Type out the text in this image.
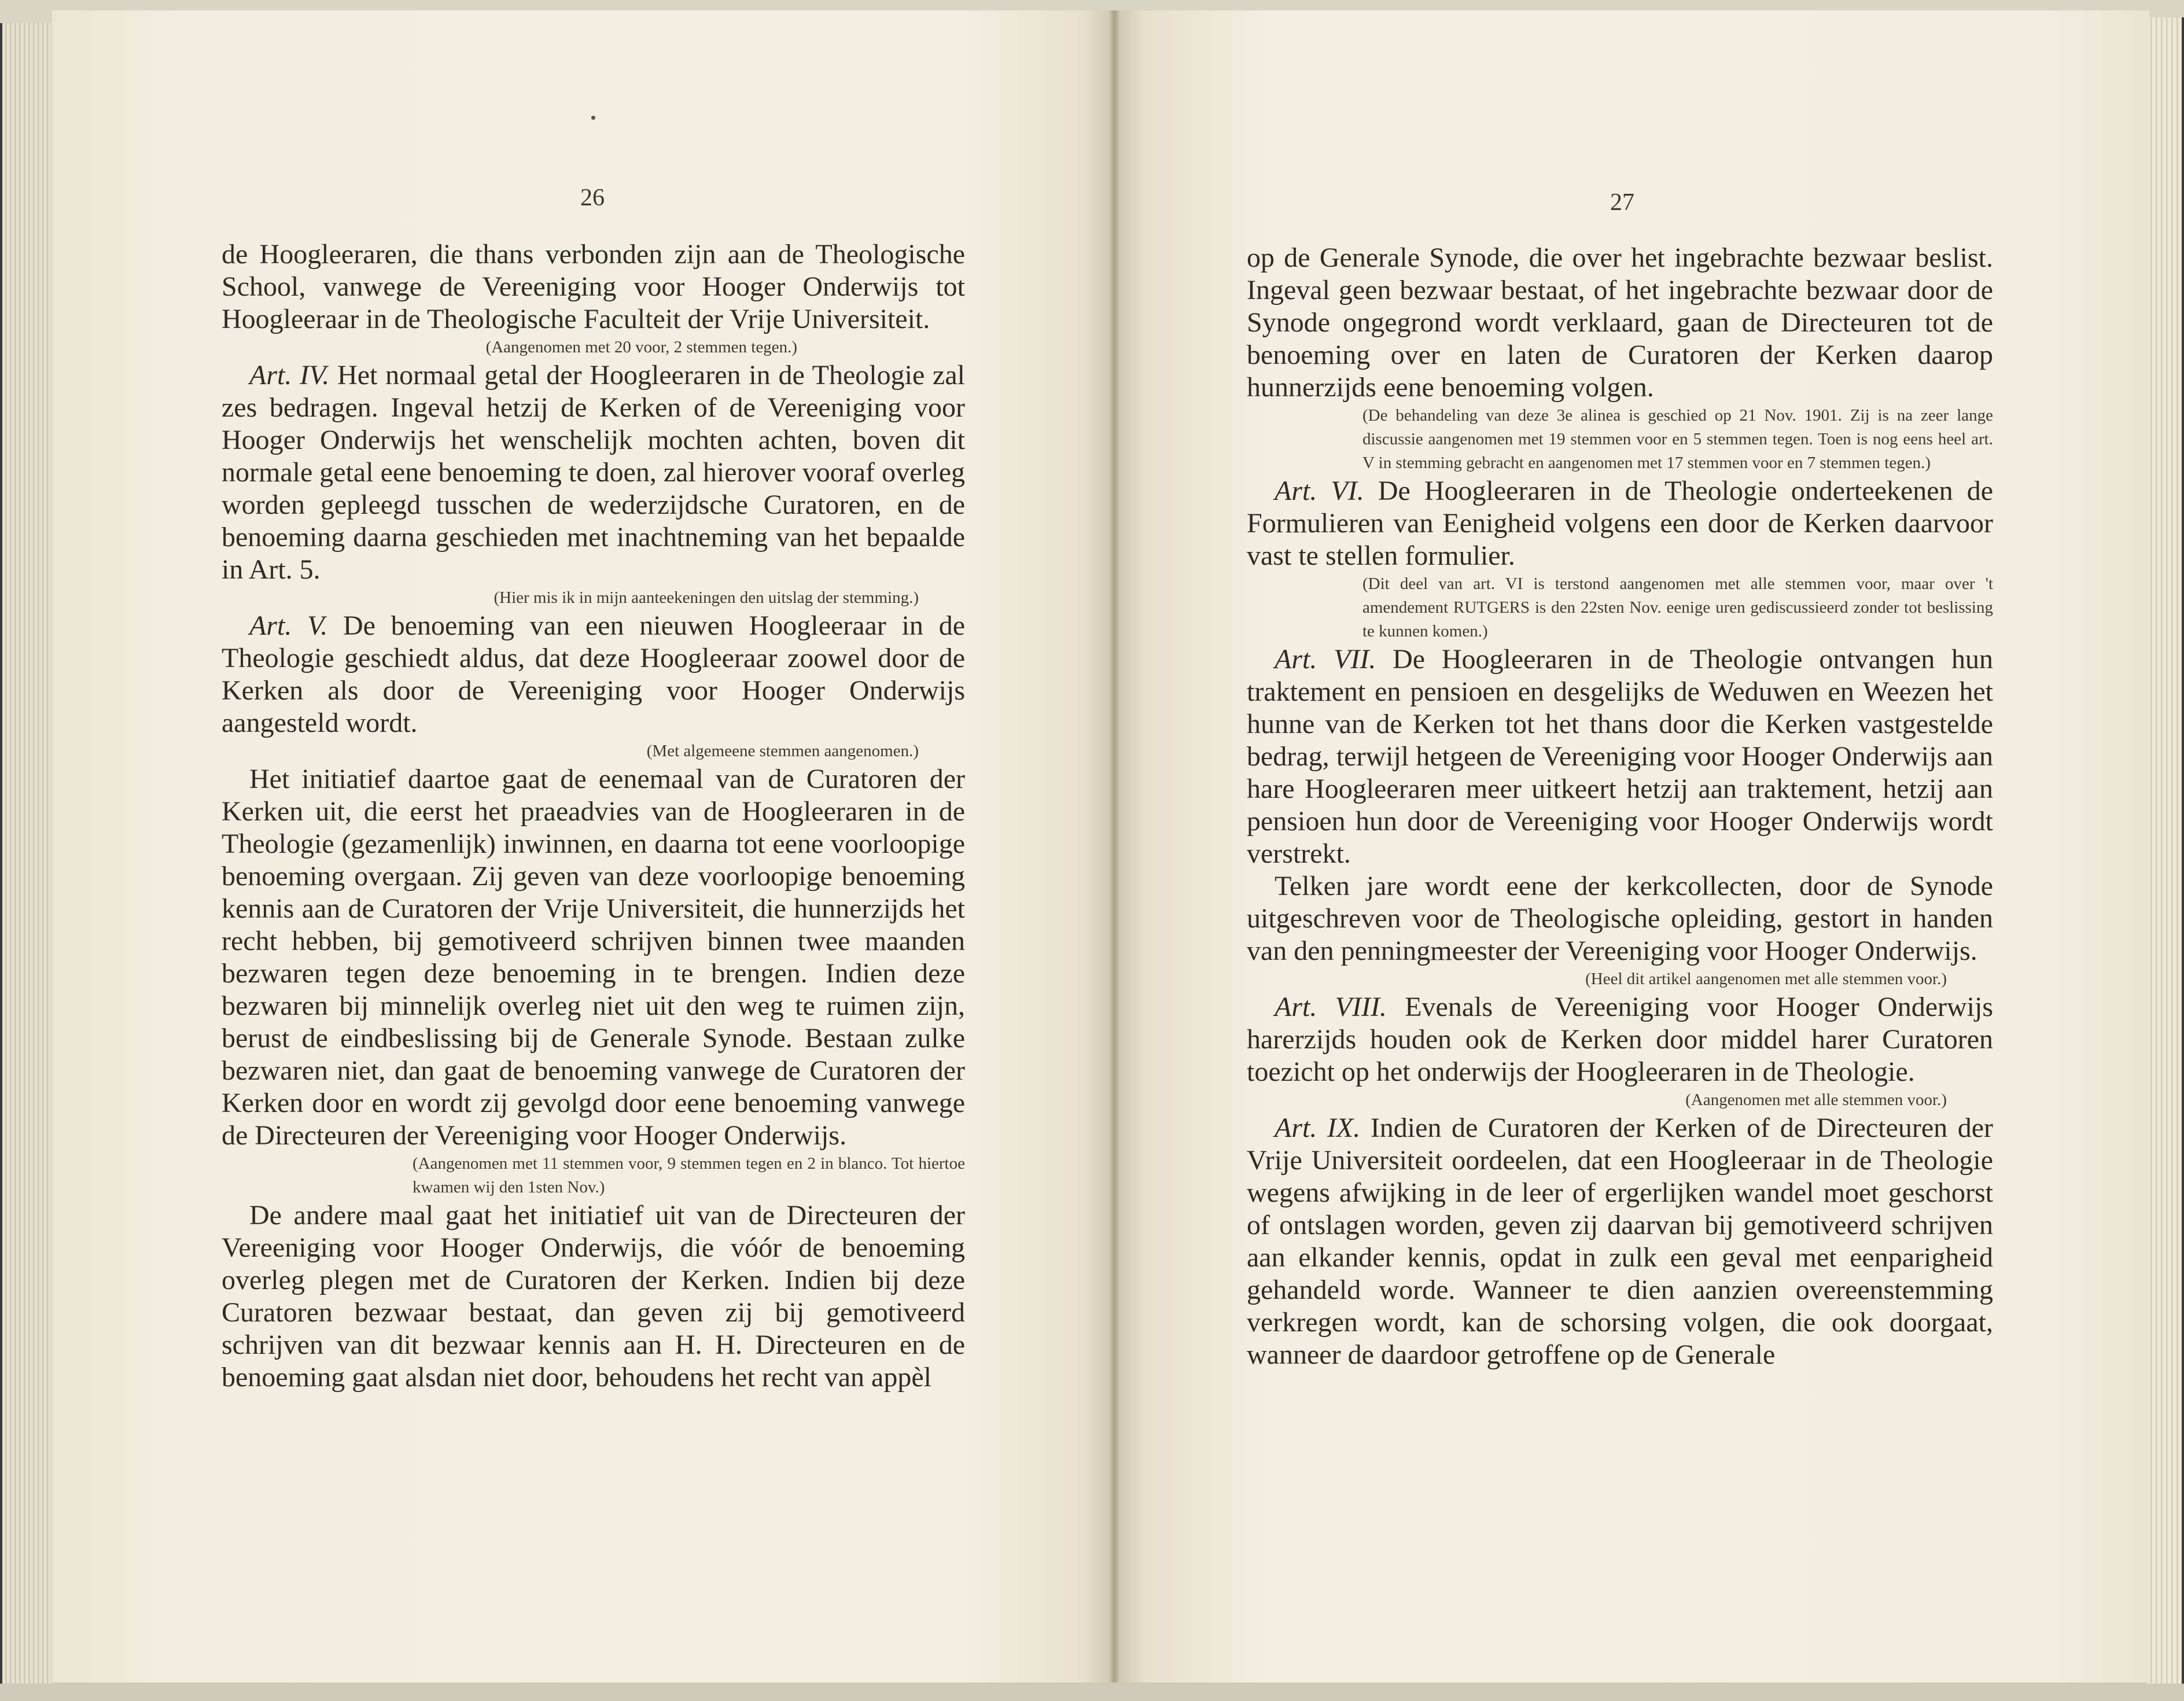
26

de Hoogleeraren, die thans verbonden zijn aan de Theologische School, vanwege de Vereeniging voor Hooger Onderwijs tot Hoogleeraar in de Theologische Faculteit der Vrije Universiteit.

(Aangenomen met 20 voor, 2 stemmen tegen.)

Art. IV. Het normaal getal der Hoogleeraren in de Theologie zal zes bedragen. Ingeval hetzij de Kerken of de Vereeniging voor Hooger Onderwijs het wenschelijk mochten achten, boven dit normale getal eene benoeming te doen, zal hierover vooraf overleg worden gepleegd tusschen de wederzijdsche Curatoren, en de benoeming daarna geschieden met inachtneming van het bepaalde in Art. 5.

(Hier mis ik in mijn aanteekeningen den uitslag der stemming.)

Art. V. De benoeming van een nieuwen Hoogleeraar in de Theologie geschiedt aldus, dat deze Hoogleeraar zoowel door de Kerken als door de Vereeniging voor Hooger Onderwijs aangesteld wordt.

(Met algemeene stemmen aangenomen.)

Het initiatief daartoe gaat de eenemaal van de Curatoren der Kerken uit, die eerst het praeadvies van de Hoogleeraren in de Theologie (gezamenlijk) inwinnen, en daarna tot eene voorloopige benoeming overgaan. Zij geven van deze voorloopige benoeming kennis aan de Curatoren der Vrije Universiteit, die hunnerzijds het recht hebben, bij gemotiveerd schrijven binnen twee maanden bezwaren tegen deze benoeming in te brengen. Indien deze bezwaren bij minnelijk overleg niet uit den weg te ruimen zijn, berust de eindbeslissing bij de Generale Synode. Bestaan zulke bezwaren niet, dan gaat de benoeming vanwege de Curatoren der Kerken door en wordt zij gevolgd door eene benoeming vanwege de Directeuren der Vereeniging voor Hooger Onderwijs.

(Aangenomen met 11 stemmen voor, 9 stemmen tegen en 2 in blanco. Tot hiertoe kwamen wij den 1sten Nov.)

De andere maal gaat het initiatief uit van de Directeuren der Vereeniging voor Hooger Onderwijs, die vóór de benoeming overleg plegen met de Curatoren der Kerken. Indien bij deze Curatoren bezwaar bestaat, dan geven zij bij gemotiveerd schrijven van dit bezwaar kennis aan H. H. Directeuren en de benoeming gaat alsdan niet door, behoudens het recht van appèl

27

op de Generale Synode, die over het ingebrachte bezwaar beslist. Ingeval geen bezwaar bestaat, of het ingebrachte bezwaar door de Synode ongegrond wordt verklaard, gaan de Directeuren tot de benoeming over en laten de Curatoren der Kerken daarop hunnerzijds eene benoeming volgen.

(De behandeling van deze 3e alinea is geschied op 21 Nov. 1901. Zij is na zeer lange discussie aangenomen met 19 stemmen voor en 5 stemmen tegen. Toen is nog eens heel art. V in stemming gebracht en aangenomen met 17 stemmen voor en 7 stemmen tegen.)

Art. VI. De Hoogleeraren in de Theologie onderteekenen de Formulieren van Eenigheid volgens een door de Kerken daarvoor vast te stellen formulier.

(Dit deel van art. VI is terstond aangenomen met alle stemmen voor, maar over 't amendement RUTGERS is den 22sten Nov. eenige uren gediscussieerd zonder tot beslissing te kunnen komen.)

Art. VII. De Hoogleeraren in de Theologie ontvangen hun traktement en pensioen en desgelijks de Weduwen en Weezen het hunne van de Kerken tot het thans door die Kerken vastgestelde bedrag, terwijl hetgeen de Vereeniging voor Hooger Onderwijs aan hare Hoogleeraren meer uitkeert hetzij aan traktement, hetzij aan pensioen hun door de Vereeniging voor Hooger Onderwijs wordt verstrekt.

Telken jare wordt eene der kerkcollecten, door de Synode uitgeschreven voor de Theologische opleiding, gestort in handen van den penningmeester der Vereeniging voor Hooger Onderwijs.

(Heel dit artikel aangenomen met alle stemmen voor.)

Art. VIII. Evenals de Vereeniging voor Hooger Onderwijs harerzijds houden ook de Kerken door middel harer Curatoren toezicht op het onderwijs der Hoogleeraren in de Theologie.

(Aangenomen met alle stemmen voor.)

Art. IX. Indien de Curatoren der Kerken of de Directeuren der Vrije Universiteit oordeelen, dat een Hoogleeraar in de Theologie wegens afwijking in de leer of ergerlijken wandel moet geschorst of ontslagen worden, geven zij daarvan bij gemotiveerd schrijven aan elkander kennis, opdat in zulk een geval met eenparigheid gehandeld worde. Wanneer te dien aanzien overeenstemming verkregen wordt, kan de schorsing volgen, die ook doorgaat, wanneer de daardoor getroffene op de Generale
